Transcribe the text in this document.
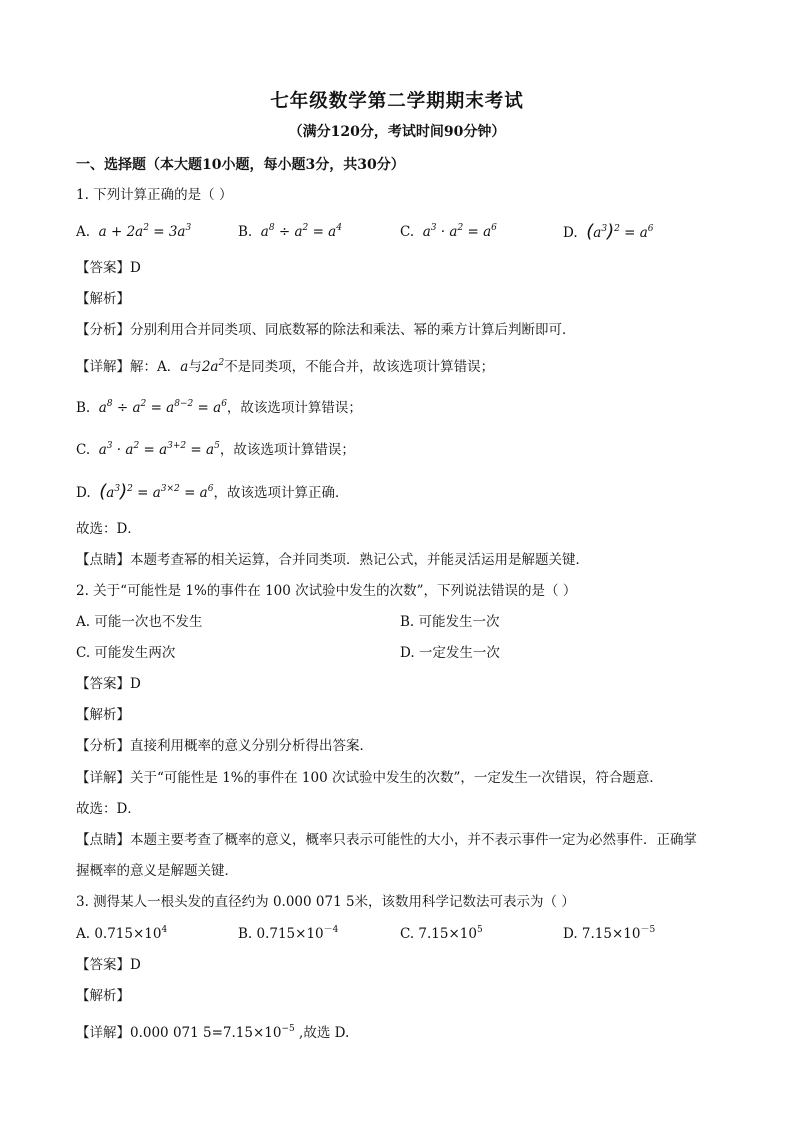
七年级数学第二学期期末考试
（满分120分，考试时间90分钟）
一、选择题（本大题10小题，每小题3分，共30分）
1. 下列计算正确的是（ ）
A.  $a + 2a^2 = 3a^3$	B.  $a^8 \div a^2 = a^4$	C.  $a^3 \cdot a^2 = a^6$	D. $(a^3)^2 = a^6$
【答案】D
【解析】
【分析】分别利用合并同类项、同底数幂的除法和乘法、幂的乘方计算后判断即可．
【详解】解：A．a与$2a^2$不是同类项，不能合并，故该选项计算错误；
B.  $a^8 \div a^2 = a^{8-2} = a^6$，故该选项计算错误；
C.  $a^3 \cdot a^2 = a^{3+2} = a^5$，故该选项计算错误；
D. $(a^3)^2 = a^{3\times 2} = a^6$，故该选项计算正确．
故选：D．
【点睛】本题考查幂的相关运算，合并同类项．熟记公式，并能灵活运用是解题关键．
2. 关于“可能性是 1%的事件在 100 次试验中发生的次数”，下列说法错误的是（ ）
A. 可能一次也不发生	B. 可能发生一次
C. 可能发生两次	D. 一定发生一次
【答案】D
【解析】
【分析】直接利用概率的意义分别分析得出答案．
【详解】关于“可能性是 1%的事件在 100 次试验中发生的次数”，一定发生一次错误，符合题意．
故选：D．
【点睛】本题主要考查了概率的意义，概率只表示可能性的大小，并不表示事件一定为必然事件．正确掌
握概率的意义是解题关键．
3. 测得某人一根头发的直径约为 0.000 071 5米，该数用科学记数法可表示为（ ）
A. $0.715\times 10^4$	B. $0.715\times 10^{-4}$	C. $7.15\times 10^5$	D. $7.15\times 10^{-5}$
【答案】D
【解析】
【详解】0.000 071 $5=7.15\times 10^{-5}$ ,故选 D.
